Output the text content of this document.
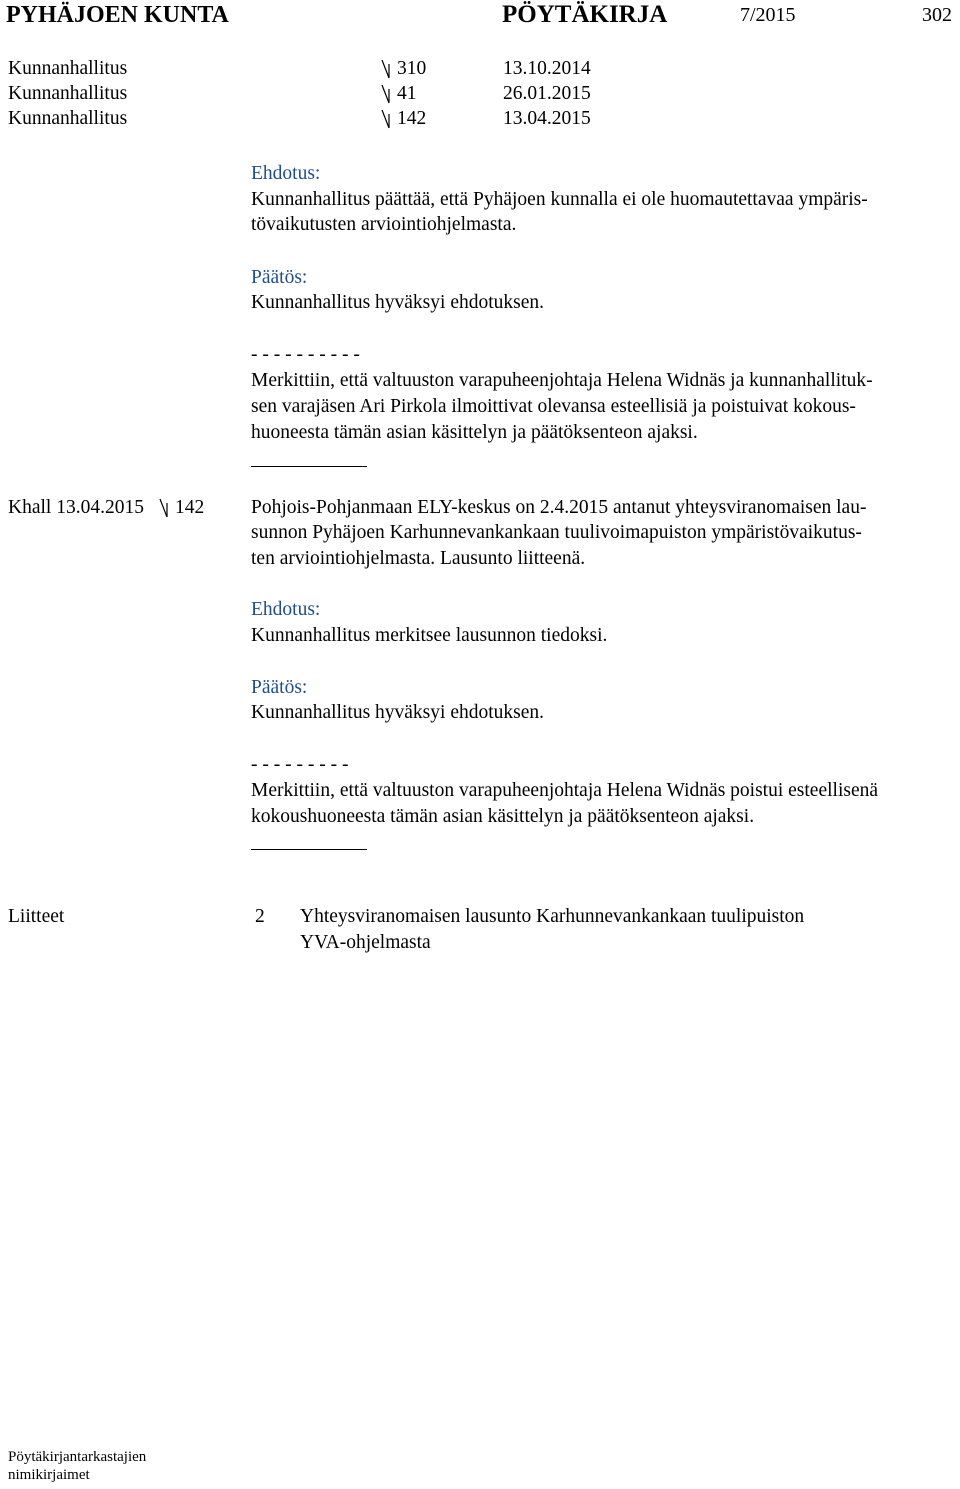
PYHÄJOEN KUNTA	PÖYTÄKIRJA	7/2015	302
Kunnanhallitus	310	13.10.2014
Kunnanhallitus	41	26.01.2015
Kunnanhallitus	142	13.04.2015
Ehdotus:
Kunnanhallitus päättää, että Pyhäjoen kunnalla ei ole huomautettavaa ympäris-
tövaikutusten arviointiohjelmasta.
Päätös:
Kunnanhallitus hyväksyi ehdotuksen.
- - - - - - - - - -
Merkittiin, että valtuuston varapuheenjohtaja Helena Widnäs ja kunnanhallituk-
sen varajäsen Ari Pirkola ilmoittivat olevansa esteellisiä ja poistuivat kokous-
huoneesta tämän asian käsittelyn ja päätöksenteon ajaksi.
Khall 13.04.2015 142 Pohjois-Pohjanmaan ELY-keskus on 2.4.2015 antanut yhteysviranomaisen lau-
sunnon Pyhäjoen Karhunnevankankaan tuulivoimapuiston ympäristövaikutus-
ten arviointiohjelmasta. Lausunto liitteenä.
Ehdotus:
Kunnanhallitus merkitsee lausunnon tiedoksi.
Päätös:
Kunnanhallitus hyväksyi ehdotuksen.
- - - - - - - - -
Merkittiin, että valtuuston varapuheenjohtaja Helena Widnäs poistui esteellisenä
kokoushuoneesta tämän asian käsittelyn ja päätöksenteon ajaksi.
Liitteet	2 Yhteysviranomaisen lausunto Karhunnevankankaan tuulipuiston
YVA-ohjelmasta
Pöytäkirjantarkastajien
nimikirjaimet
